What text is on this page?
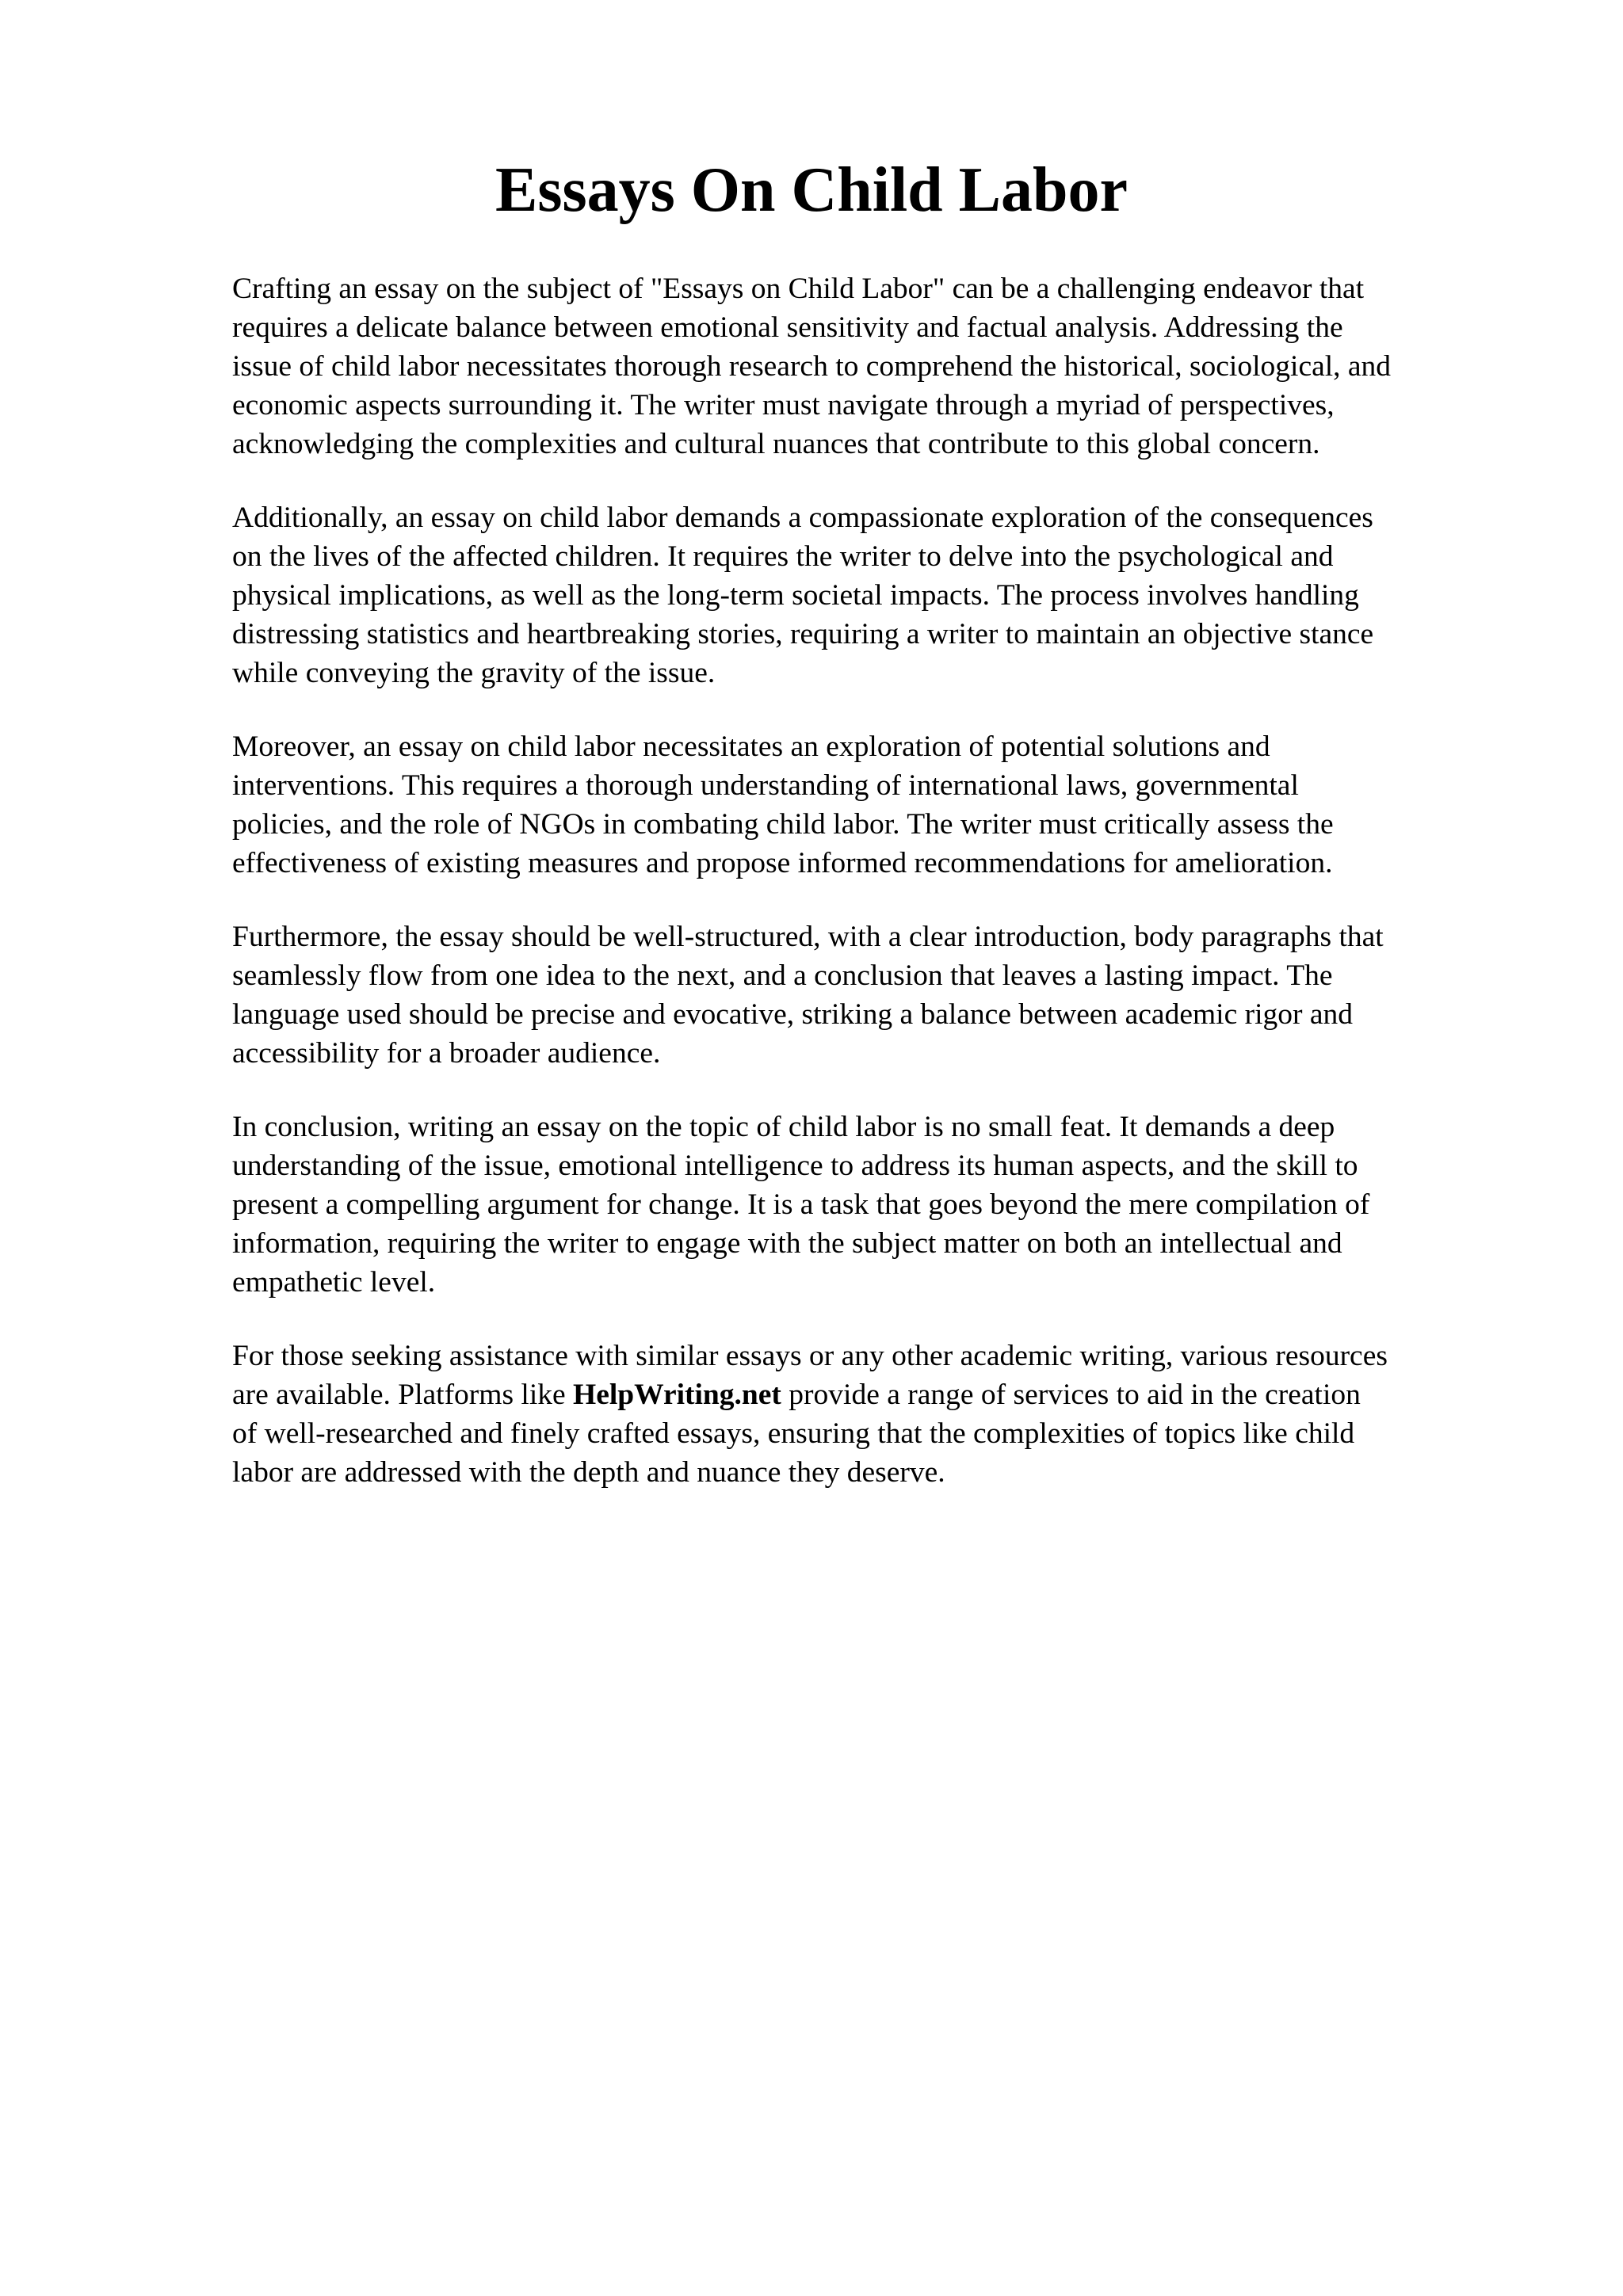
Essays On Child Labor

Crafting an essay on the subject of "Essays on Child Labor" can be a challenging endeavor that
requires a delicate balance between emotional sensitivity and factual analysis. Addressing the
issue of child labor necessitates thorough research to comprehend the historical, sociological, and
economic aspects surrounding it. The writer must navigate through a myriad of perspectives,
acknowledging the complexities and cultural nuances that contribute to this global concern.

Additionally, an essay on child labor demands a compassionate exploration of the consequences
on the lives of the affected children. It requires the writer to delve into the psychological and
physical implications, as well as the long-term societal impacts. The process involves handling
distressing statistics and heartbreaking stories, requiring a writer to maintain an objective stance
while conveying the gravity of the issue.

Moreover, an essay on child labor necessitates an exploration of potential solutions and
interventions. This requires a thorough understanding of international laws, governmental
policies, and the role of NGOs in combating child labor. The writer must critically assess the
effectiveness of existing measures and propose informed recommendations for amelioration.

Furthermore, the essay should be well-structured, with a clear introduction, body paragraphs that
seamlessly flow from one idea to the next, and a conclusion that leaves a lasting impact. The
language used should be precise and evocative, striking a balance between academic rigor and
accessibility for a broader audience.

In conclusion, writing an essay on the topic of child labor is no small feat. It demands a deep
understanding of the issue, emotional intelligence to address its human aspects, and the skill to
present a compelling argument for change. It is a task that goes beyond the mere compilation of
information, requiring the writer to engage with the subject matter on both an intellectual and
empathetic level.

For those seeking assistance with similar essays or any other academic writing, various resources
are available. Platforms like HelpWriting.net provide a range of services to aid in the creation
of well-researched and finely crafted essays, ensuring that the complexities of topics like child
labor are addressed with the depth and nuance they deserve.
